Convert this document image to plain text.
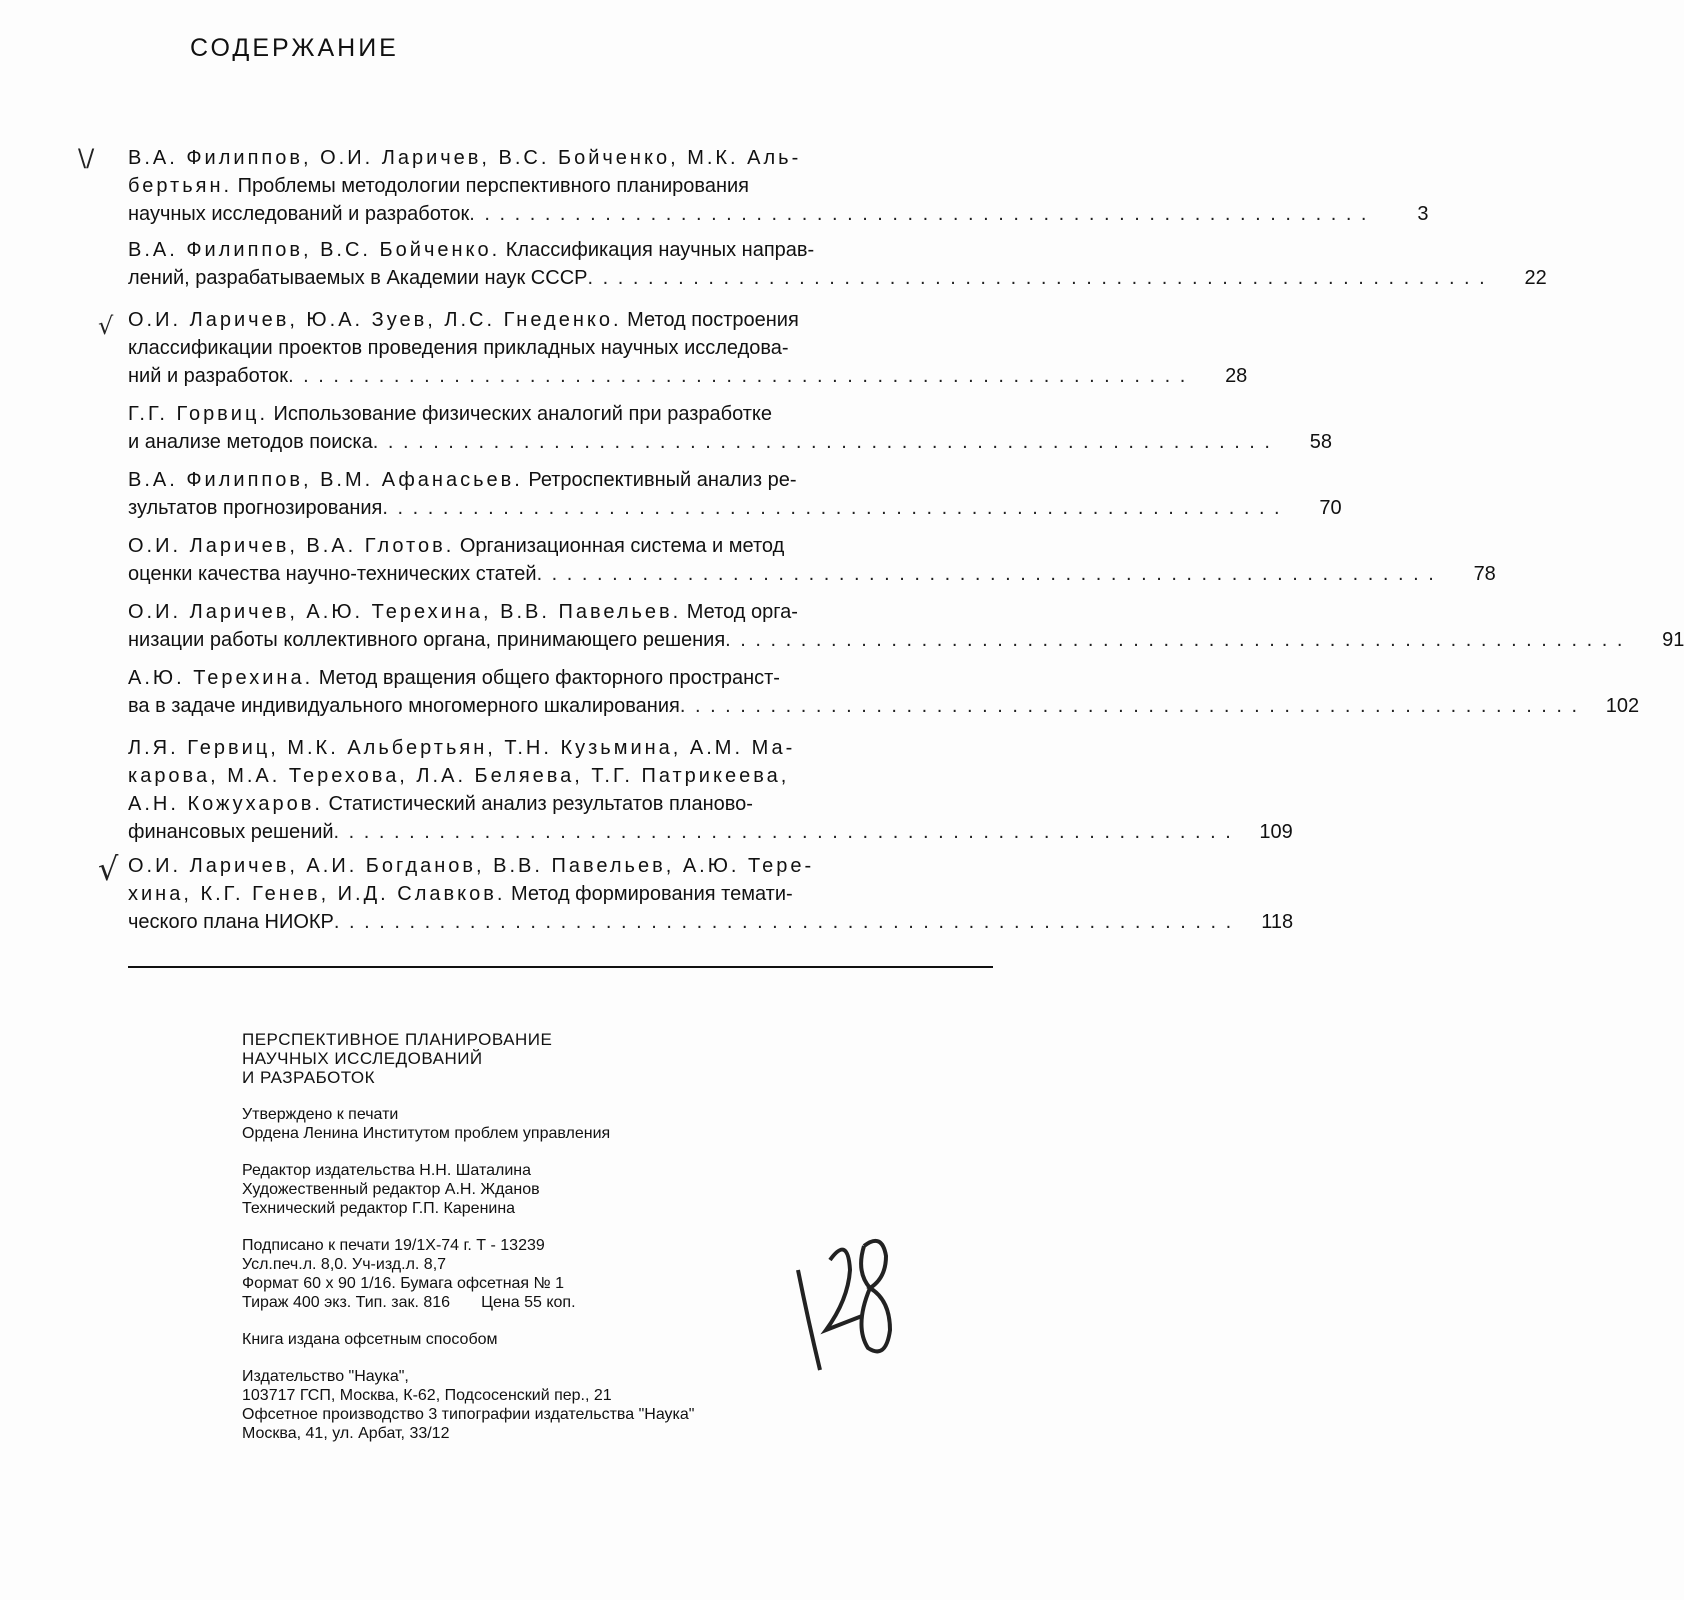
СОДЕРЖАНИЕ
В.А. Филиппов, О.И. Ларичев, В.С. Бойченко, М.К. Аль-
бертьян. Проблемы методологии перспективного планирования
научных исследований и разработок . . .	3
В.А. Филиппов, В.С. Бойченко. Классификация научных направ-
лений, разрабатываемых в Академии наук СССР . . .	22
О.И. Ларичев, Ю.А. Зуев, Л.С. Гнеденко. Метод построения
классификации проектов проведения прикладных научных исследова-
ний и разработок . . .	28
Г.Г. Горвиц. Использование физических аналогий при разработке
и анализе методов поиска . . .	58
В.А. Филиппов, В.М. Афанасьев. Ретроспективный анализ ре-
зультатов прогнозирования . . .	70
О.И. Ларичев, В.А. Глотов. Организационная система и метод
оценки качества научно-технических статей . . .	78
О.И. Ларичев, А.Ю. Терехина, В.В. Павельев. Метод орга-
низации работы коллективного органа, принимающего решения . . .	91
А.Ю. Терехина. Метод вращения общего факторного пространст-
ва в задаче индивидуального многомерного шкалирования . . .	102
Л.Я. Гервиц, М.К. Альбертьян, Т.Н. Кузьмина, А.М. Ма-
карова, М.А. Терехова, Л.А. Беляева, Т.Г. Патрикеева,
А.Н. Кожухаров. Статистический анализ результатов планово-
финансовых решений . . .	109
О.И. Ларичев, А.И. Богданов, В.В. Павельев, А.Ю. Тере-
хина, К.Г. Генев, И.Д. Славков. Метод формирования темати-
ческого плана НИОКР . . .	118
\/
√
√
ПЕРСПЕКТИВНОЕ ПЛАНИРОВАНИЕ
НАУЧНЫХ ИССЛЕДОВАНИЙ
И РАЗРАБОТОК
Утверждено к печати
Ордена Ленина Институтом проблем управления
Редактор издательства Н.Н. Шаталина
Художественный редактор А.Н. Жданов
Технический редактор Г.П. Каренина
Подписано к печати 19/1X-74 г. Т - 13239
Усл.печ.л. 8,0. Уч-изд.л. 8,7
Формат 60 х 90 1/16. Бумага офсетная № 1
Тираж 400 экз. Тип. зак. 816       Цена 55 коп.
Книга издана офсетным способом
Издательство "Наука",
103717 ГСП, Москва, К-62, Подсосенский пер., 21
Офсетное производство 3 типографии издательства "Наука"
Москва, 41, ул. Арбат, 33/12
